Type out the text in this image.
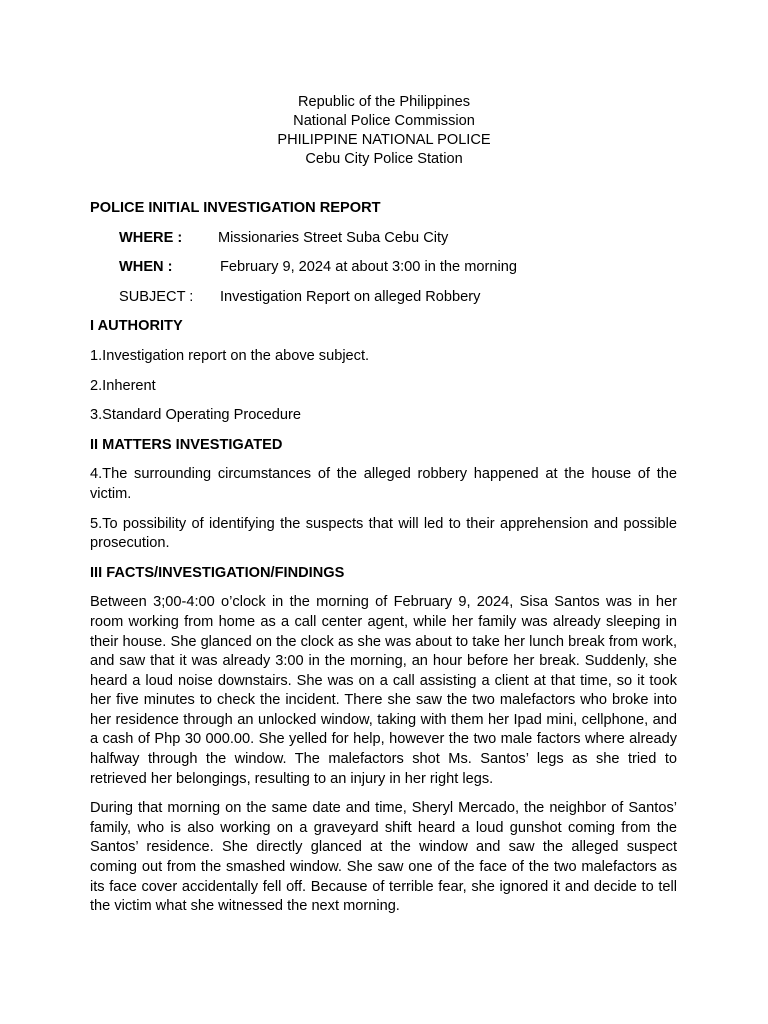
Republic of the Philippines
National Police Commission
PHILIPPINE NATIONAL POLICE
Cebu City Police Station

POLICE INITIAL INVESTIGATION REPORT

WHERE :	Missionaries Street Suba Cebu City
WHEN :	February 9, 2024 at about 3:00 in the morning
SUBJECT :	Investigation Report on alleged Robbery

I AUTHORITY

1.Investigation report on the above subject.

2.Inherent

3.Standard Operating Procedure

II MATTERS INVESTIGATED

4.The surrounding circumstances of the alleged robbery happened at the house of the victim.

5.To possibility of identifying the suspects that will led to their apprehension and possible prosecution.

III FACTS/INVESTIGATION/FINDINGS

Between 3;00-4:00 o’clock in the morning of February 9, 2024, Sisa Santos was in her room working from home as a call center agent, while her family was already sleeping in their house. She glanced on the clock as she was about to take her lunch break from work, and saw that it was already 3:00 in the morning, an hour before her break. Suddenly, she heard a loud noise downstairs. She was on a call assisting a client at that time, so it took her five minutes to check the incident. There she saw the two malefactors who broke into her residence through an unlocked window, taking with them her Ipad mini, cellphone, and a cash of Php 30 000.00. She yelled for help, however the two male factors where already halfway through the window. The malefactors shot Ms. Santos’ legs as she tried to retrieved her belongings, resulting to an injury in her right legs.

During that morning on the same date and time, Sheryl Mercado, the neighbor of Santos’ family, who is also working on a graveyard shift heard a loud gunshot coming from the Santos’ residence. She directly glanced at the window and saw the alleged suspect coming out from the smashed window. She saw one of the face of the two malefactors as its face cover accidentally fell off. Because of terrible fear, she ignored it and decide to tell the victim what she witnessed the next morning.
